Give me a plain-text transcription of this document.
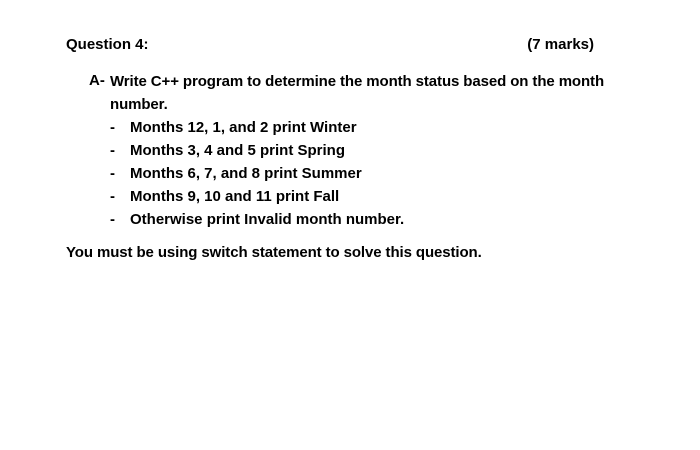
Question 4:	(7 marks)
A- Write C++ program to determine the month status based on the month number.
- Months 12, 1, and 2 print Winter
- Months 3, 4 and 5 print Spring
- Months 6, 7, and 8 print Summer
- Months 9, 10 and 11 print Fall
- Otherwise print Invalid month number.
You must be using switch statement to solve this question.
